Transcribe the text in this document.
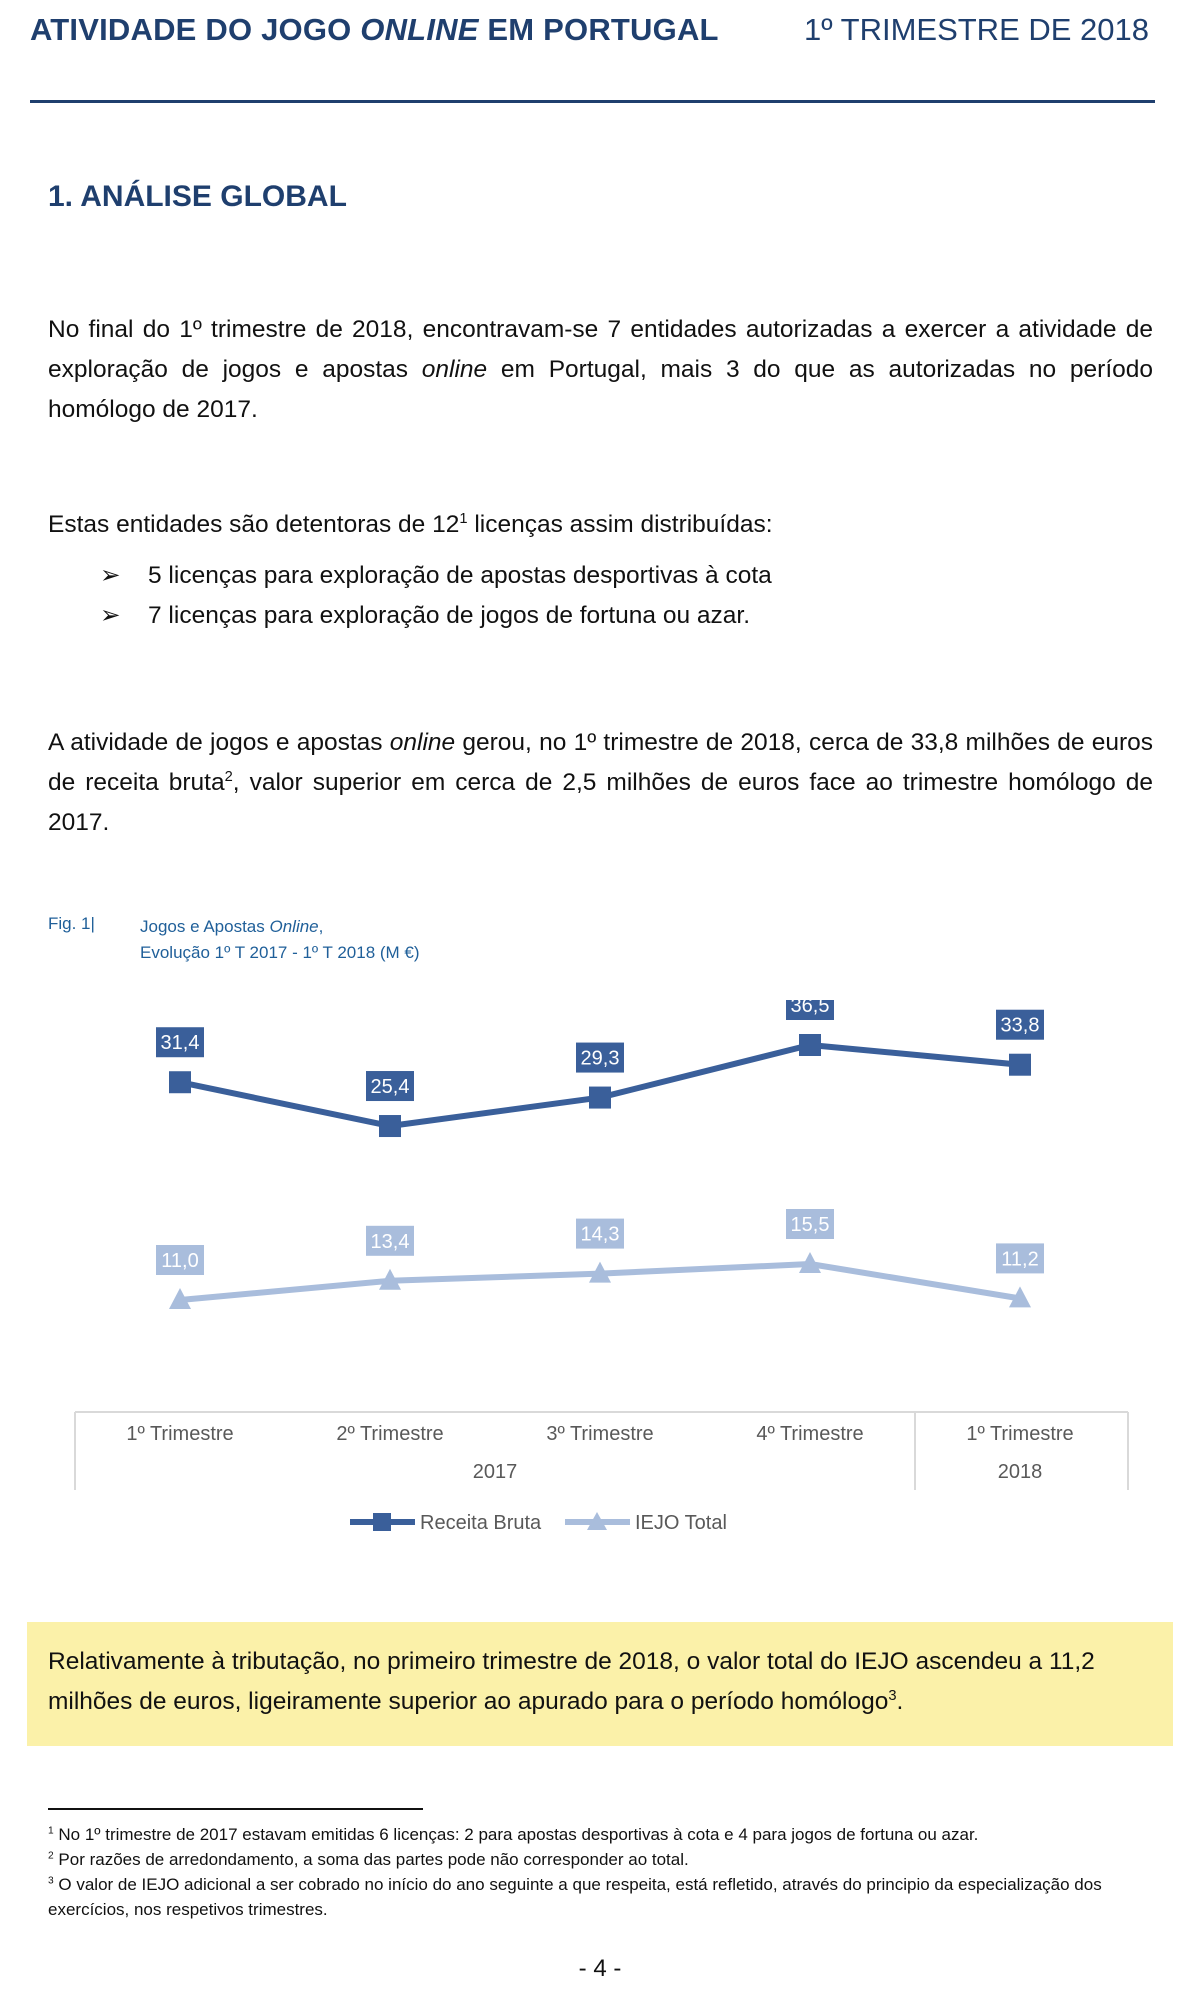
ATIVIDADE DO JOGO ONLINE EM PORTUGAL	1º TRIMESTRE DE 2018
1. ANÁLISE GLOBAL
No final do 1º trimestre de 2018, encontravam-se 7 entidades autorizadas a exercer a atividade de exploração de jogos e apostas online em Portugal, mais 3 do que as autorizadas no período homólogo de 2017.
Estas entidades são detentoras de $12^1$ licenças assim distribuídas:
➢ 5 licenças para exploração de apostas desportivas à cota
➢ 7 licenças para exploração de jogos de fortuna ou azar.
A atividade de jogos e apostas online gerou, no 1º trimestre de 2018, cerca de 33,8 milhões de euros de receita bruta$^2$, valor superior em cerca de 2,5 milhões de euros face ao trimestre homólogo de 2017.
Fig. 1|	Jogos e Apostas Online,
Evolução 1º T 2017 - 1º T 2018 (M €)
31,4
25,4
29,3
36,5
33,8
11,0
13,4	14,3	15,5
11,2
1º Trimestre	2º Trimestre	3º Trimestre	4º Trimestre	1º Trimestre
2017	2018
Receita Bruta	IEJO Total
Relativamente à tributação, no primeiro trimestre de 2018, o valor total do IEJO ascendeu a 11,2 milhões de euros, ligeiramente superior ao apurado para o período homólogo$^3$.
$^1$ No 1º trimestre de 2017 estavam emitidas 6 licenças: 2 para apostas desportivas à cota e 4 para jogos de fortuna ou azar.
$^2$ Por razões de arredondamento, a soma das partes pode não corresponder ao total.
$^3$ O valor de IEJO adicional a ser cobrado no início do ano seguinte a que respeita, está refletido, através do principio da especialização dos exercícios, nos respetivos trimestres.
- 4 -
